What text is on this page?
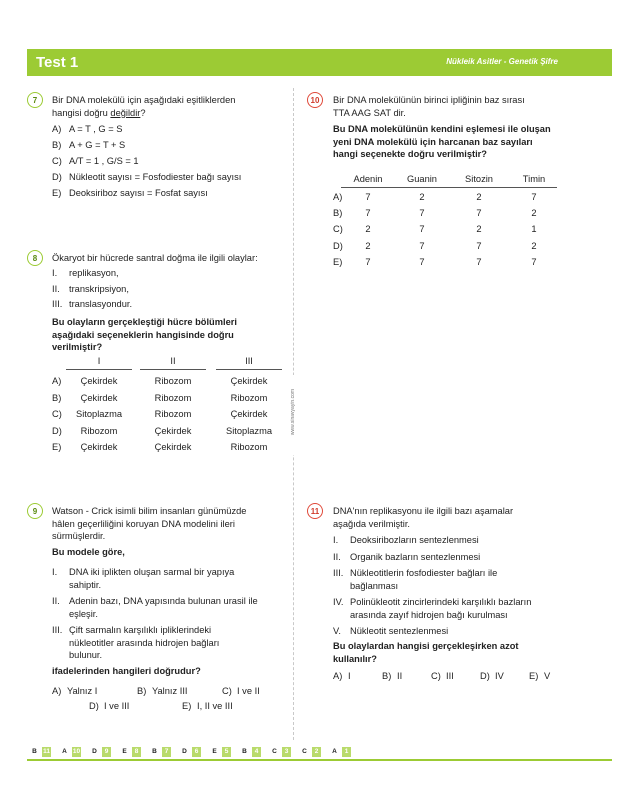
Test 1	Nükleik Asitler - Genetik Şifre
www.sinavyayin.com
7	Bir DNA molekülü için aşağıdaki eşitliklerden
hangisi doğru değildir?
A) A = T , G = S
B) A + G = T + S
C) A/T = 1 , G/S = 1
D) Nükleotit sayısı = Fosfodiester bağı sayısı
E) Deoksiriboz sayısı = Fosfat sayısı
8	Ökaryot bir hücrede santral doğma ile ilgili olaylar:
I. replikasyon,
II. transkripsiyon,
III. translasyondur.
Bu olayların gerçekleştiği hücre bölümleri
aşağıdaki seçeneklerin hangisinde doğru
verilmiştir?
I	II	III
A)	Çekirdek	Ribozom	Çekirdek
B)	Çekirdek	Ribozom	Ribozom
C)	Sitoplazma	Ribozom	Çekirdek
D)	Ribozom	Çekirdek	Sitoplazma
E)	Çekirdek	Çekirdek	Ribozom
9	Watson - Crick isimli bilim insanları günümüzde
hâlen geçerliliğini koruyan DNA modelini ileri
sürmüşlerdir.
Bu modele göre,
I. DNA iki iplikten oluşan sarmal bir yapıya
sahiptir.
II. Adenin bazı, DNA yapısında bulunan urasil ile
eşleşir.
III. Çift sarmalın karşılıklı ipliklerindeki
nükleotitler arasında hidrojen bağları
bulunur.
ifadelerinden hangileri doğrudur?
A) Yalnız I	B) Yalnız III	C) I ve II
D) I ve III	E) I, II ve III
10	Bir DNA molekülünün birinci ipliğinin baz sırası
TTA AAG SAT dir.
Bu DNA molekülünün kendini eşlemesi ile oluşan
yeni DNA molekülü için harcanan baz sayıları
hangi seçenekte doğru verilmiştir?
Adenin	Guanin	Sitozin	Timin
A)	7	2	2	7
B)	7	7	7	2
C)	2	7	2	1
D)	2	7	7	2
E)	7	7	7	7
11	DNA'nın replikasyonu ile ilgili bazı aşamalar
aşağıda verilmiştir.
I. Deoksiribozların sentezlenmesi
II. Organik bazların sentezlenmesi
III. Nükleotitlerin fosfodiester bağları ile
bağlanması
IV. Polinükleotit zincirlerindeki karşılıklı bazların
arasında zayıf hidrojen bağı kurulması
V. Nükleotit sentezlenmesi
Bu olaylardan hangisi gerçekleşirken azot
kullanılır?
A) I	B) II	C) III	D) IV	E) V
B 11	A 10	D	9	E	8	B	7	D	6	E	5	B	4	C	3	C	2	A	1
